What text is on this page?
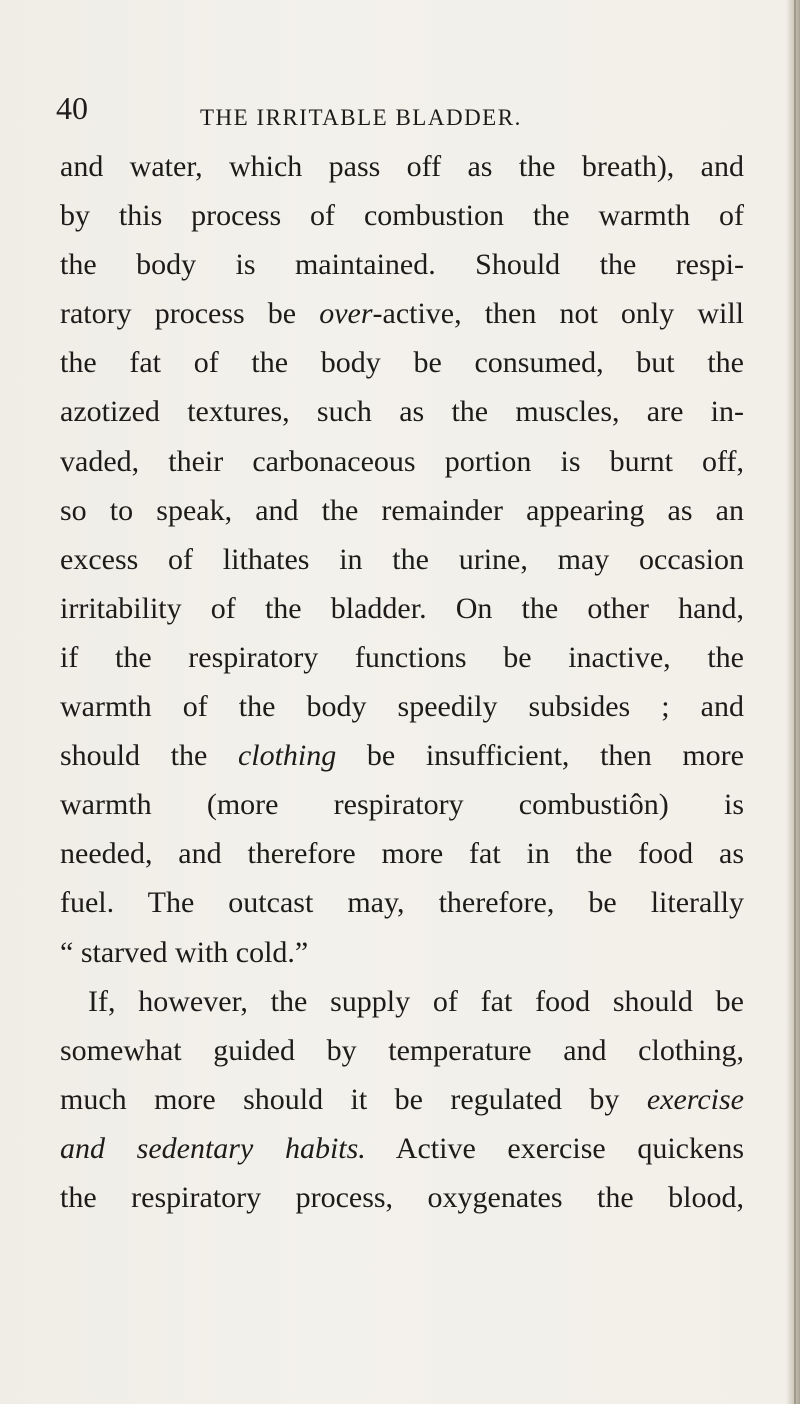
40	THE IRRITABLE BLADDER.
and water, which pass off as the breath), and
by this process of combustion the warmth of
the body is maintained. Should the respi-
ratory process be over-active, then not only will
the fat of the body be consumed, but the
azotized textures, such as the muscles, are in-
vaded, their carbonaceous portion is burnt off,
so to speak, and the remainder appearing as an
excess of lithates in the urine, may occasion
irritability of the bladder. On the other hand,
if the respiratory functions be inactive, the
warmth of the body speedily subsides ; and
should the clothing be insufficient, then more
warmth (more respiratory combustiôn) is
needed, and therefore more fat in the food as
fuel. The outcast may, therefore, be literally
“ starved with cold.”
If, however, the supply of fat food should be
somewhat guided by temperature and clothing,
much more should it be regulated by exercise
and sedentary habits. Active exercise quickens
the respiratory process, oxygenates the blood,
